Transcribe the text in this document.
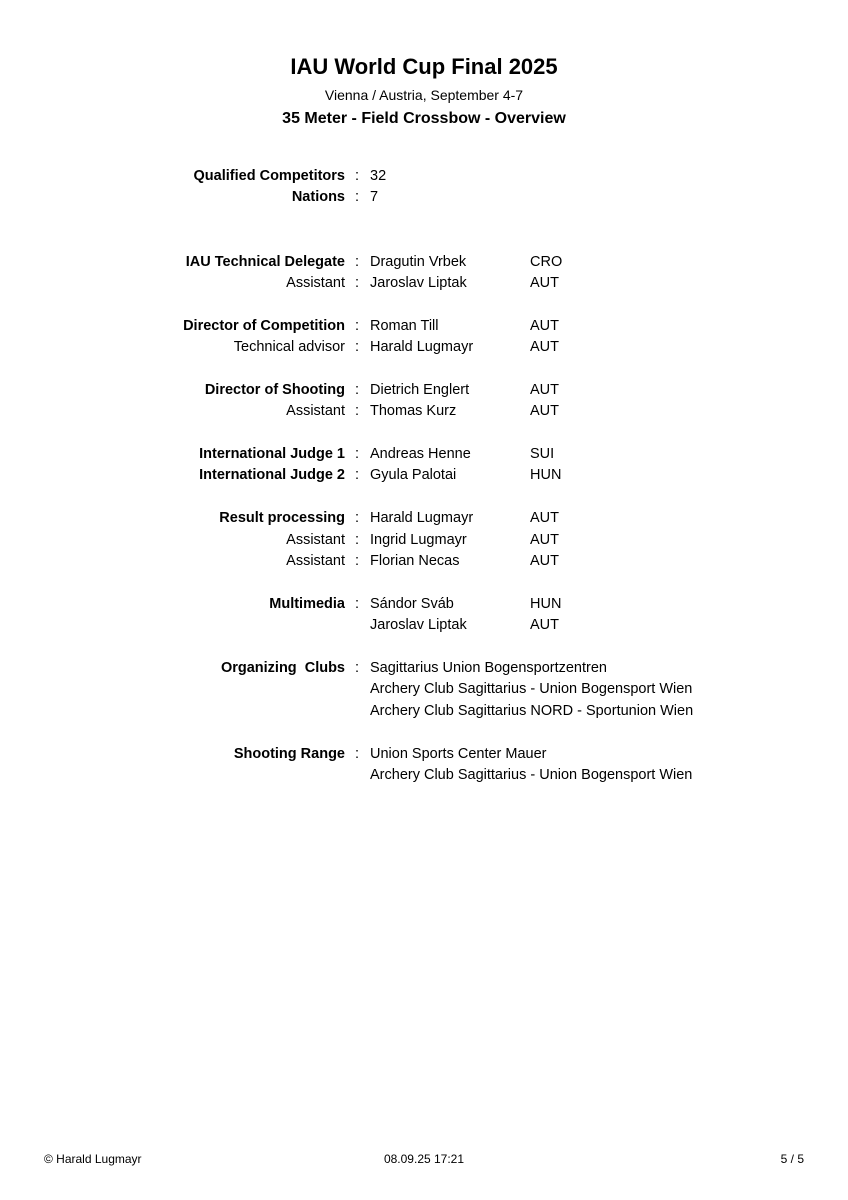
IAU World Cup Final 2025
Vienna / Austria, September 4-7
35 Meter - Field Crossbow - Overview
Qualified Competitors : 32
Nations : 7
IAU Technical Delegate : Dragutin Vrbek	CRO
Assistant : Jaroslav Liptak	AUT
Director of Competition : Roman Till	AUT
Technical advisor : Harald Lugmayr	AUT
Director of Shooting : Dietrich Englert	AUT
Assistant : Thomas Kurz	AUT
International Judge 1 : Andreas Henne	SUI
International Judge 2 : Gyula Palotai	HUN
Result processing : Harald Lugmayr	AUT
Assistant : Ingrid Lugmayr	AUT
Assistant : Florian Necas	AUT
Multimedia : Sándor Sváb	HUN
Jaroslav Liptak	AUT
Organizing  Clubs : Sagittarius Union Bogensportzentren
Archery Club Sagittarius - Union Bogensport Wien
Archery Club Sagittarius NORD - Sportunion Wien
Shooting Range : Union Sports Center Mauer
Archery Club Sagittarius - Union Bogensport Wien
© Harald Lugmayr	08.09.25 17:21	5 / 5
